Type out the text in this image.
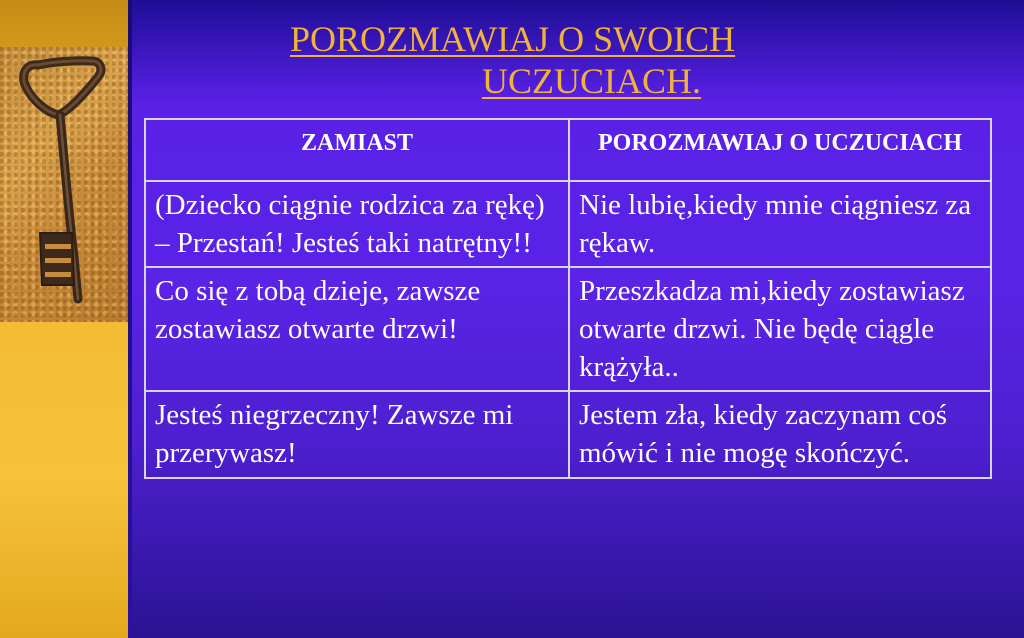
POROZMAWIAJ O SWOICH
UCZUCIACH.
ZAMIAST	POROZMAWIAJ O UCZUCIACH

(Dziecko ciągnie rodzica za rękę) – Przestań! Jesteś taki natrętny!!	Nie lubię,kiedy mnie ciągniesz za rękaw.

Co się z tobą dzieje, zawsze zostawiasz otwarte drzwi!	Przeszkadza mi,kiedy zostawiasz otwarte drzwi. Nie będę ciągle krążyła..

Jesteś niegrzeczny! Zawsze mi przerywasz!	Jestem zła, kiedy zaczynam coś mówić i nie mogę skończyć.
